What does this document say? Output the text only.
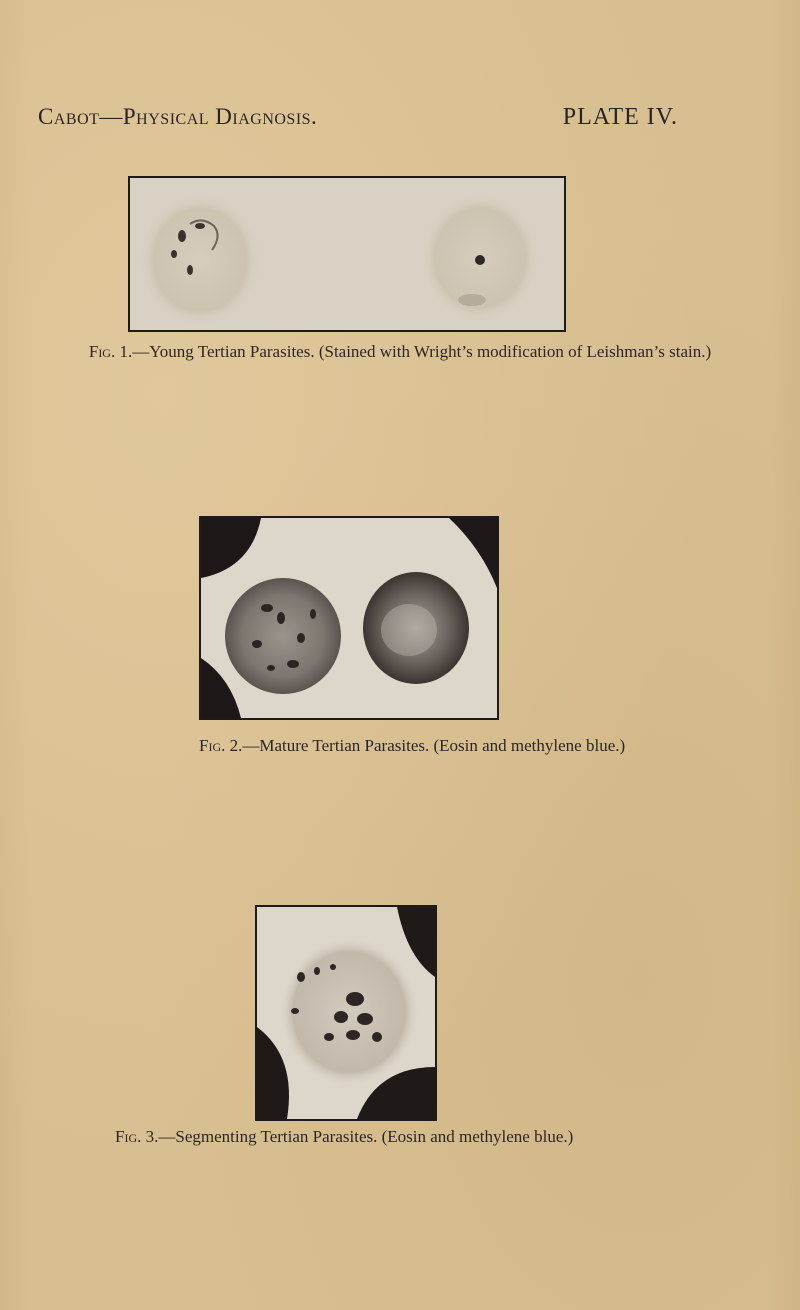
Cabot—Physical Diagnosis.	PLATE IV.
Fig. 1.—Young Tertian Parasites. (Stained with Wright’s modification of Leishman’s stain.)
Fig. 2.—Mature Tertian Parasites. (Eosin and methylene blue.)
Fig. 3.—Segmenting Tertian Parasites. (Eosin and methylene blue.)
